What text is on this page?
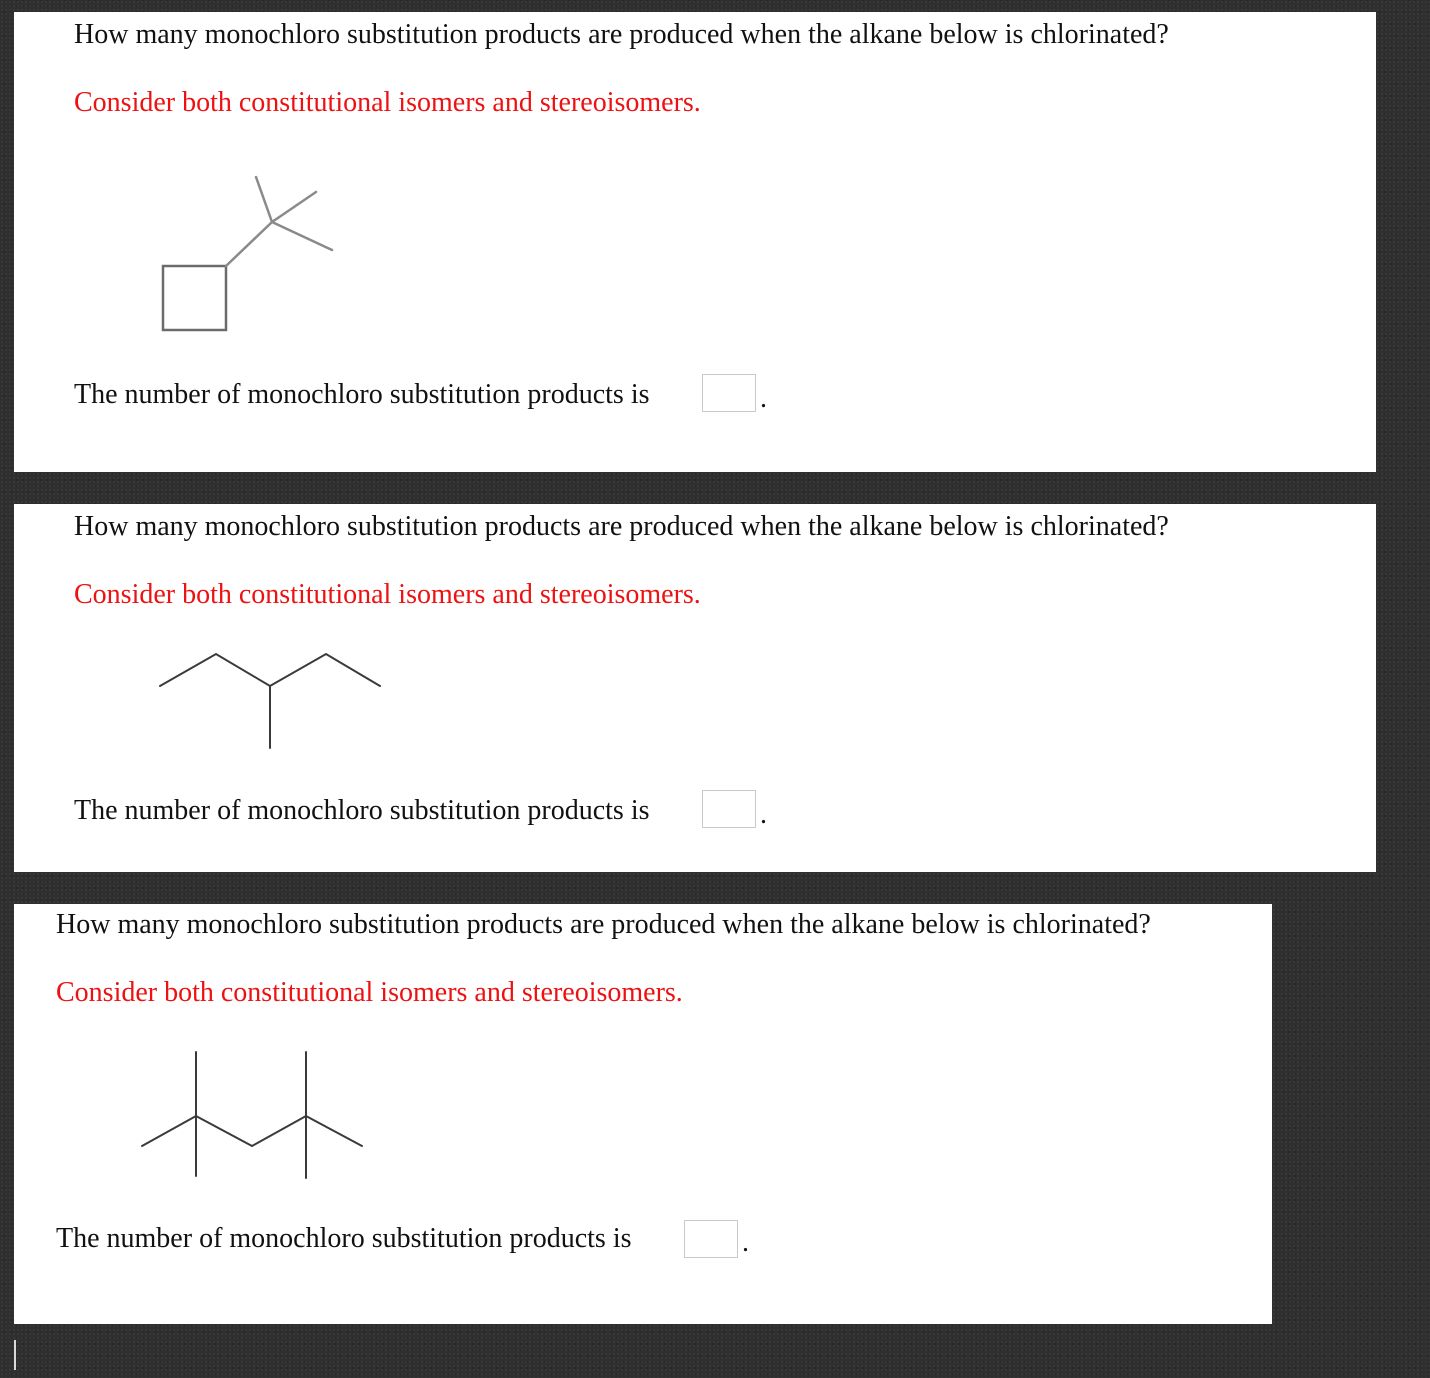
How many monochloro substitution products are produced when the alkane below is chlorinated?

Consider both constitutional isomers and stereoisomers.

The number of monochloro substitution products is	.

How many monochloro substitution products are produced when the alkane below is chlorinated?

Consider both constitutional isomers and stereoisomers.

The number of monochloro substitution products is	.

How many monochloro substitution products are produced when the alkane below is chlorinated?

Consider both constitutional isomers and stereoisomers.

The number of monochloro substitution products is	.
